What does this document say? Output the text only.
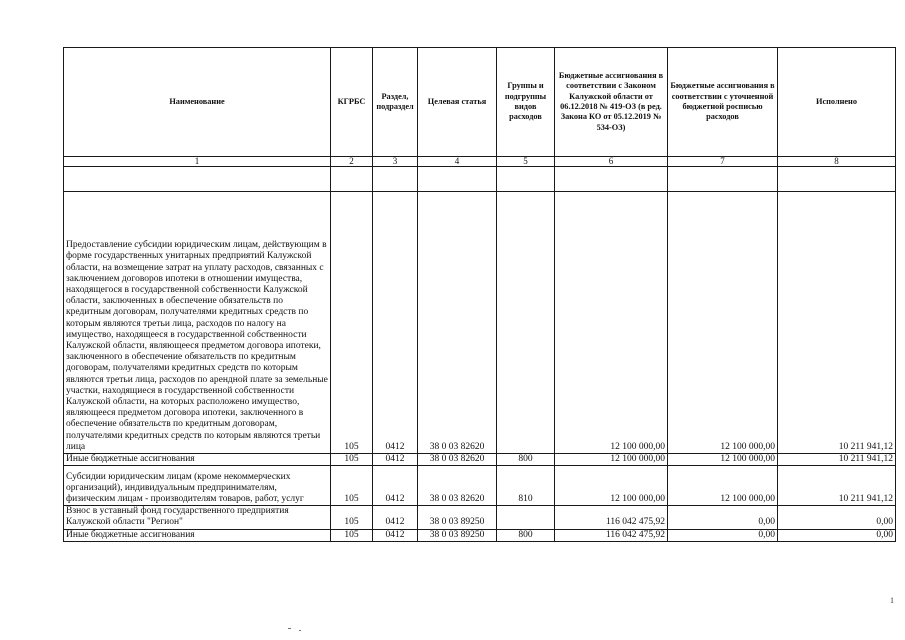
Наименование	КГРБС	Раздел, подраздел	Целевая статья	Группы и подгруппы видов расходов	Бюджетные ассигнования в соответствии с Законом Калужской области от 06.12.2018 № 419-ОЗ (в ред. Закона КО от 05.12.2019 № 534-ОЗ)	Бюджетные ассигнования в соответствии с уточненной бюджетной росписью расходов	Исполнено
1	2	3	4	5	6	7	8

Предоставление субсидии юридическим лицам, действующим в форме государственных унитарных предприятий Калужской области, на возмещение затрат на уплату расходов, связанных с заключением договоров ипотеки в отношении имущества, находящегося в государственной собственности Калужской области, заключенных в обеспечение обязательств по кредитным договорам, получателями кредитных средств по которым являются третьи лица, расходов по налогу на имущество, находящееся в государственной собственности Калужской области, являющееся предметом договора ипотеки, заключенного в обеспечение обязательств по кредитным договорам, получателями кредитных средств по которым являются третьи лица, расходов по арендной плате за земельные участки, находящиеся в государственной собственности Калужской области, на которых расположено имущество, являющееся предметом договора ипотеки, заключенного в обеспечение обязательств по кредитным договорам, получателями кредитных средств по которым являются третьи лица	105	0412	38 0 03 82620		12 100 000,00	12 100 000,00	10 211 941,12
Иные бюджетные ассигнования	105	0412	38 0 03 82620	800	12 100 000,00	12 100 000,00	10 211 941,12
Субсидии юридическим лицам (кроме некоммерческих организаций), индивидуальным предпринимателям, физическим лицам - производителям товаров, работ, услуг	105	0412	38 0 03 82620	810	12 100 000,00	12 100 000,00	10 211 941,12
Взнос в уставный фонд государственного предприятия Калужской области "Регион"	105	0412	38 0 03 89250		116 042 475,92	0,00	0,00
Иные бюджетные ассигнования	105	0412	38 0 03 89250	800	116 042 475,92	0,00	0,00
1
